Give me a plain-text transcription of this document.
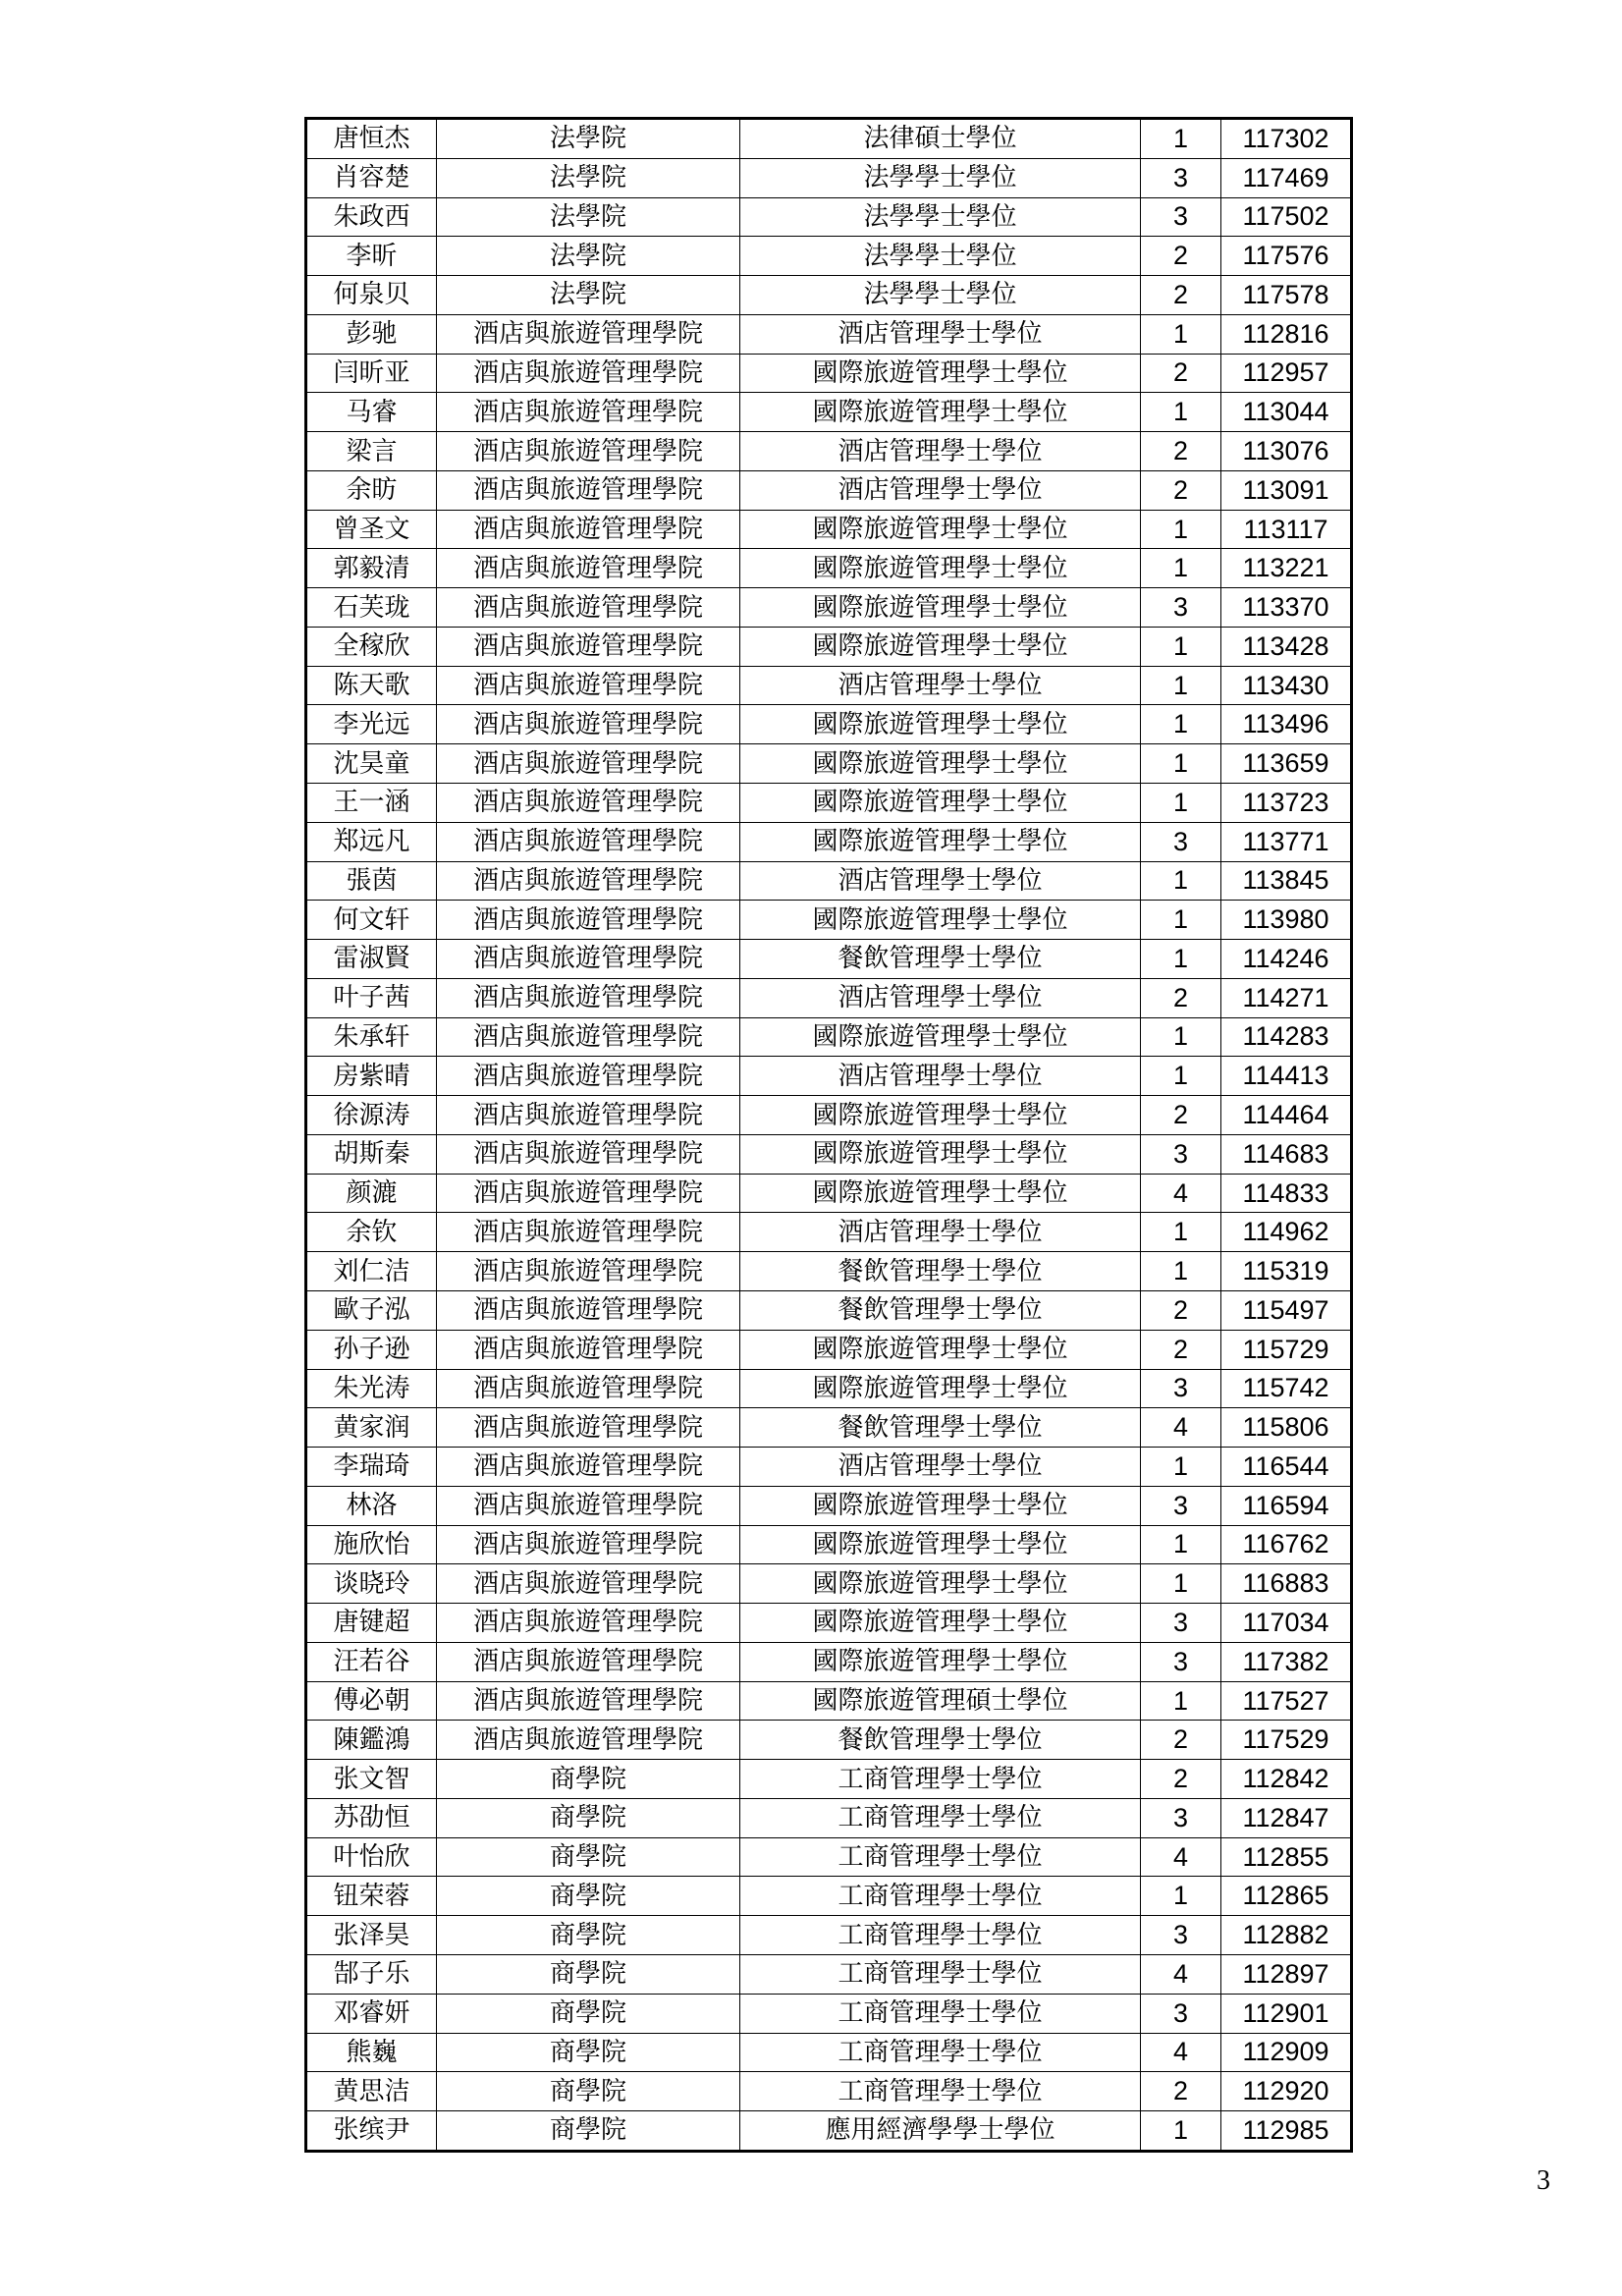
唐恒杰	法學院	法律碩士學位	1	117302
肖容楚	法學院	法學學士學位	3	117469
朱政西	法學院	法學學士學位	3	117502
李昕	法學院	法學學士學位	2	117576
何泉贝	法學院	法學學士學位	2	117578
彭驰	酒店與旅遊管理學院	酒店管理學士學位	1	112816
闫昕亚	酒店與旅遊管理學院	國際旅遊管理學士學位	2	112957
马睿	酒店與旅遊管理學院	國際旅遊管理學士學位	1	113044
梁言	酒店與旅遊管理學院	酒店管理學士學位	2	113076
余昉	酒店與旅遊管理學院	酒店管理學士學位	2	113091
曾圣文	酒店與旅遊管理學院	國際旅遊管理學士學位	1	113117
郭毅清	酒店與旅遊管理學院	國際旅遊管理學士學位	1	113221
石芙珑	酒店與旅遊管理學院	國際旅遊管理學士學位	3	113370
全稼欣	酒店與旅遊管理學院	國際旅遊管理學士學位	1	113428
陈天歌	酒店與旅遊管理學院	酒店管理學士學位	1	113430
李光远	酒店與旅遊管理學院	國際旅遊管理學士學位	1	113496
沈昊童	酒店與旅遊管理學院	國際旅遊管理學士學位	1	113659
王一涵	酒店與旅遊管理學院	國際旅遊管理學士學位	1	113723
郑远凡	酒店與旅遊管理學院	國際旅遊管理學士學位	3	113771
張茵	酒店與旅遊管理學院	酒店管理學士學位	1	113845
何文轩	酒店與旅遊管理學院	國際旅遊管理學士學位	1	113980
雷淑賢	酒店與旅遊管理學院	餐飲管理學士學位	1	114246
叶子茜	酒店與旅遊管理學院	酒店管理學士學位	2	114271
朱承轩	酒店與旅遊管理學院	國際旅遊管理學士學位	1	114283
房紫晴	酒店與旅遊管理學院	酒店管理學士學位	1	114413
徐源涛	酒店與旅遊管理學院	國際旅遊管理學士學位	2	114464
胡斯秦	酒店與旅遊管理學院	國際旅遊管理學士學位	3	114683
颜漉	酒店與旅遊管理學院	國際旅遊管理學士學位	4	114833
余钦	酒店與旅遊管理學院	酒店管理學士學位	1	114962
刘仁洁	酒店與旅遊管理學院	餐飲管理學士學位	1	115319
歐子泓	酒店與旅遊管理學院	餐飲管理學士學位	2	115497
孙子逊	酒店與旅遊管理學院	國際旅遊管理學士學位	2	115729
朱光涛	酒店與旅遊管理學院	國際旅遊管理學士學位	3	115742
黄家润	酒店與旅遊管理學院	餐飲管理學士學位	4	115806
李瑞琦	酒店與旅遊管理學院	酒店管理學士學位	1	116544
林洛	酒店與旅遊管理學院	國際旅遊管理學士學位	3	116594
施欣怡	酒店與旅遊管理學院	國際旅遊管理學士學位	1	116762
谈晓玲	酒店與旅遊管理學院	國際旅遊管理學士學位	1	116883
唐键超	酒店與旅遊管理學院	國際旅遊管理學士學位	3	117034
汪若谷	酒店與旅遊管理學院	國際旅遊管理學士學位	3	117382
傅必朝	酒店與旅遊管理學院	國際旅遊管理碩士學位	1	117527
陳鑑鴻	酒店與旅遊管理學院	餐飲管理學士學位	2	117529
张文智	商學院	工商管理學士學位	2	112842
苏劭恒	商學院	工商管理學士學位	3	112847
叶怡欣	商學院	工商管理學士學位	4	112855
钮荣蓉	商學院	工商管理學士學位	1	112865
张泽昊	商學院	工商管理學士學位	3	112882
郜子乐	商學院	工商管理學士學位	4	112897
邓睿妍	商學院	工商管理學士學位	3	112901
熊巍	商學院	工商管理學士學位	4	112909
黄思洁	商學院	工商管理學士學位	2	112920
张缤尹	商學院	應用經濟學學士學位	1	112985
3
